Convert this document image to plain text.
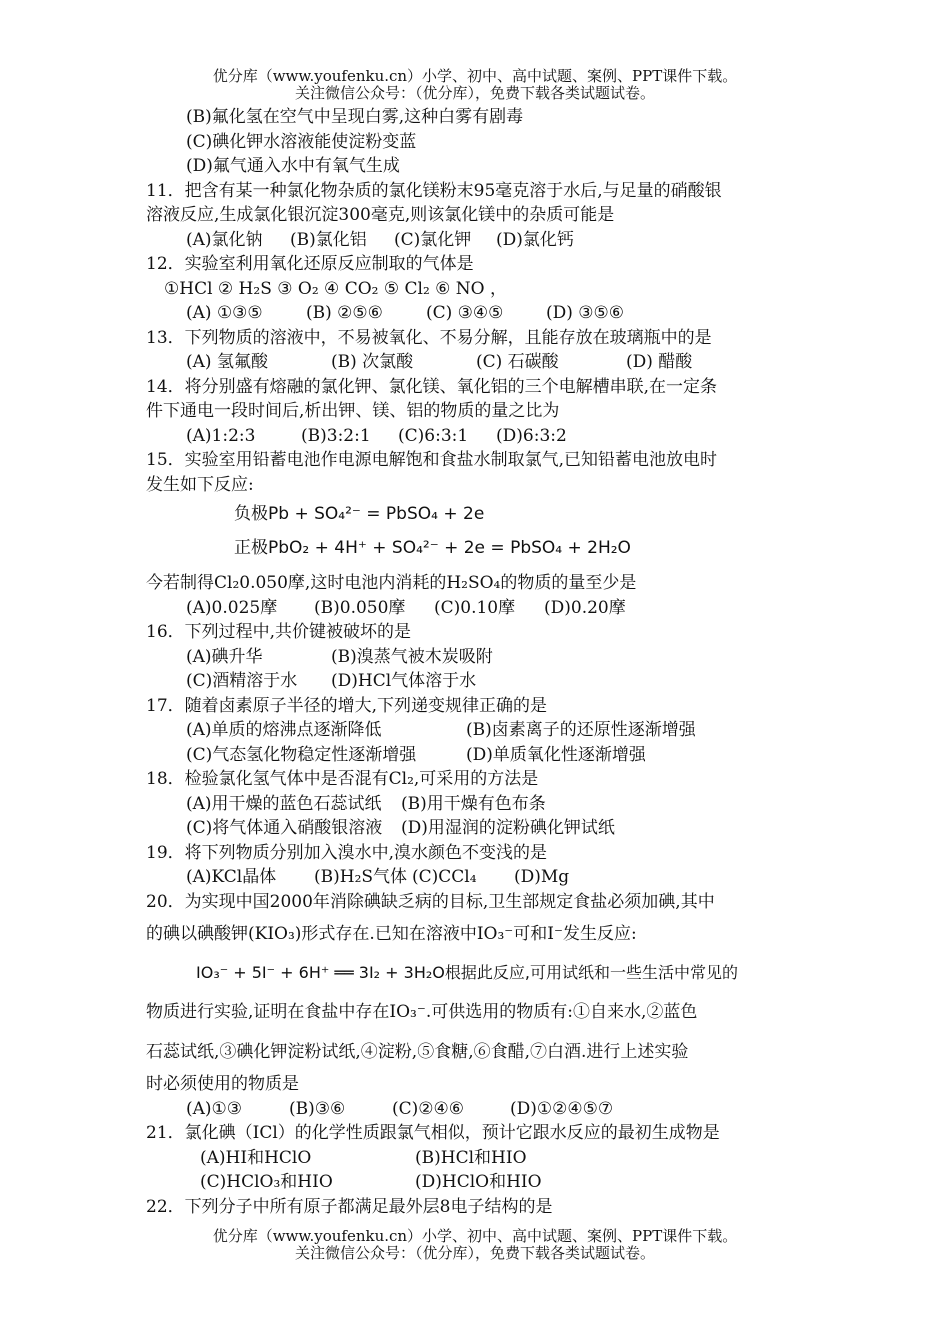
优分库（www.youfenku.cn）小学、初中、高中试题、案例、PPT课件下载。
关注微信公众号：（优分库），免费下载各类试题试卷。
(B)氟化氢在空气中呈现白雾,这种白雾有剧毒
(C)碘化钾水溶液能使淀粉变蓝
(D)氟气通入水中有氧气生成
11．把含有某一种氯化物杂质的氯化镁粉末95毫克溶于水后,与足量的硝酸银
溶液反应,生成氯化银沉淀300毫克,则该氯化镁中的杂质可能是
(A)氯化钠 (B)氯化铝 (C)氯化钾 (D)氯化钙
12．实验室利用氧化还原反应制取的气体是
①HCl ② H₂S ③ O₂ ④ CO₂ ⑤ Cl₂ ⑥ NO ，
(A) ①③⑤	(B) ②⑤⑥	(C) ③④⑤	(D) ③⑤⑥
13．下列物质的溶液中，不易被氧化、不易分解，且能存放在玻璃瓶中的是
(A) 氢氟酸	(B) 次氯酸	(C) 石碳酸	(D) 醋酸
14．将分别盛有熔融的氯化钾、氯化镁、氧化铝的三个电解槽串联,在一定条
件下通电一段时间后,析出钾、镁、铝的物质的量之比为
(A)1:2:3	(B)3:2:1 (C)6:3:1 (D)6:3:2
15．实验室用铅蓄电池作电源电解饱和食盐水制取氯气,已知铅蓄电池放电时
发生如下反应:
负极Pb + SO₄²⁻ = PbSO₄ + 2e
正极PbO₂ + 4H⁺ + SO₄²⁻ + 2e = PbSO₄ + 2H₂O
今若制得Cl₂0.050摩,这时电池内消耗的H₂SO₄的物质的量至少是
(A)0.025摩 (B)0.050摩 (C)0.10摩 (D)0.20摩
16．下列过程中,共价键被破坏的是
(A)碘升华	(B)溴蒸气被木炭吸附
(C)酒精溶于水 (D)HCl气体溶于水
17．随着卤素原子半径的增大,下列递变规律正确的是
(A)单质的熔沸点逐渐降低	(B)卤素离子的还原性逐渐增强
(C)气态氢化物稳定性逐渐增强	(D)单质氧化性逐渐增强
18．检验氯化氢气体中是否混有Cl₂,可采用的方法是
(A)用干燥的蓝色石蕊试纸 (B)用干燥有色布条
(C)将气体通入硝酸银溶液 (D)用湿润的淀粉碘化钾试纸
19．将下列物质分别加入溴水中,溴水颜色不变浅的是
(A)KCl晶体 (B)H₂S气体 (C)CCl₄ (D)Mg
20．为实现中国2000年消除碘缺乏病的目标,卫生部规定食盐必须加碘,其中
的碘以碘酸钾(KIO₃)形式存在.已知在溶液中IO₃⁻可和I⁻发生反应:
IO₃⁻ + 5I⁻ + 6H⁺ ══ 3I₂ + 3H₂O根据此反应,可用试纸和一些生活中常见的
物质进行实验,证明在食盐中存在IO₃⁻.可供选用的物质有:①自来水,②蓝色
石蕊试纸,③碘化钾淀粉试纸,④淀粉,⑤食糖,⑥食醋,⑦白酒.进行上述实验
时必须使用的物质是
(A)①③	(B)③⑥	(C)②④⑥	(D)①②④⑤⑦
21．氯化碘（ICl）的化学性质跟氯气相似，预计它跟水反应的最初生成物是
(A)HI和HClO	(B)HCl和HIO
(C)HClO₃和HIO	(D)HClO和HIO
22．下列分子中所有原子都满足最外层8电子结构的是
优分库（www.youfenku.cn）小学、初中、高中试题、案例、PPT课件下载。
关注微信公众号：（优分库），免费下载各类试题试卷。
